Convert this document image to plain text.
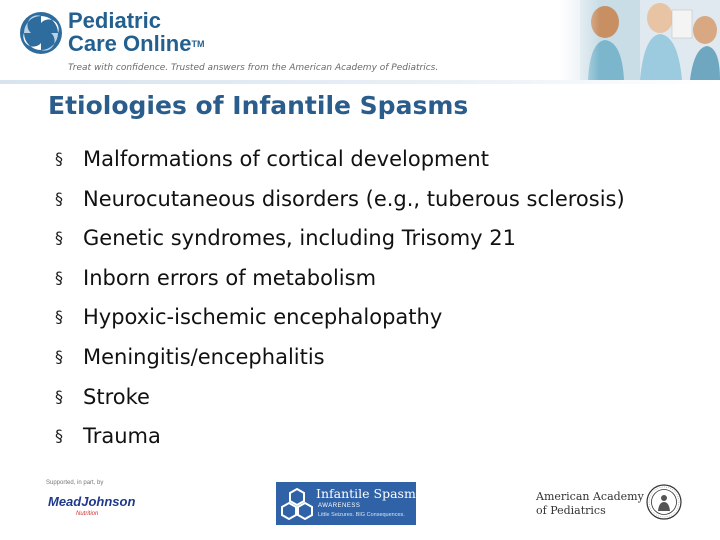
Pediatric
Care Online™
Treat with confidence. Trusted answers from the American Academy of Pediatrics.
Etiologies of Infantile Spasms
§ Malformations of cortical development
§ Neurocutaneous disorders (e.g., tuberous sclerosis)
§ Genetic syndromes, including Trisomy 21
§ Inborn errors of metabolism
§ Hypoxic-ischemic encephalopathy
§ Meningitis/encephalitis
§ Stroke
§ Trauma
Supported, in part, by
MeadJohnson
Nutrition
Infantile Spasms
AWARENESS
Little Seizures. BIG Consequences.
American Academy
of Pediatrics
